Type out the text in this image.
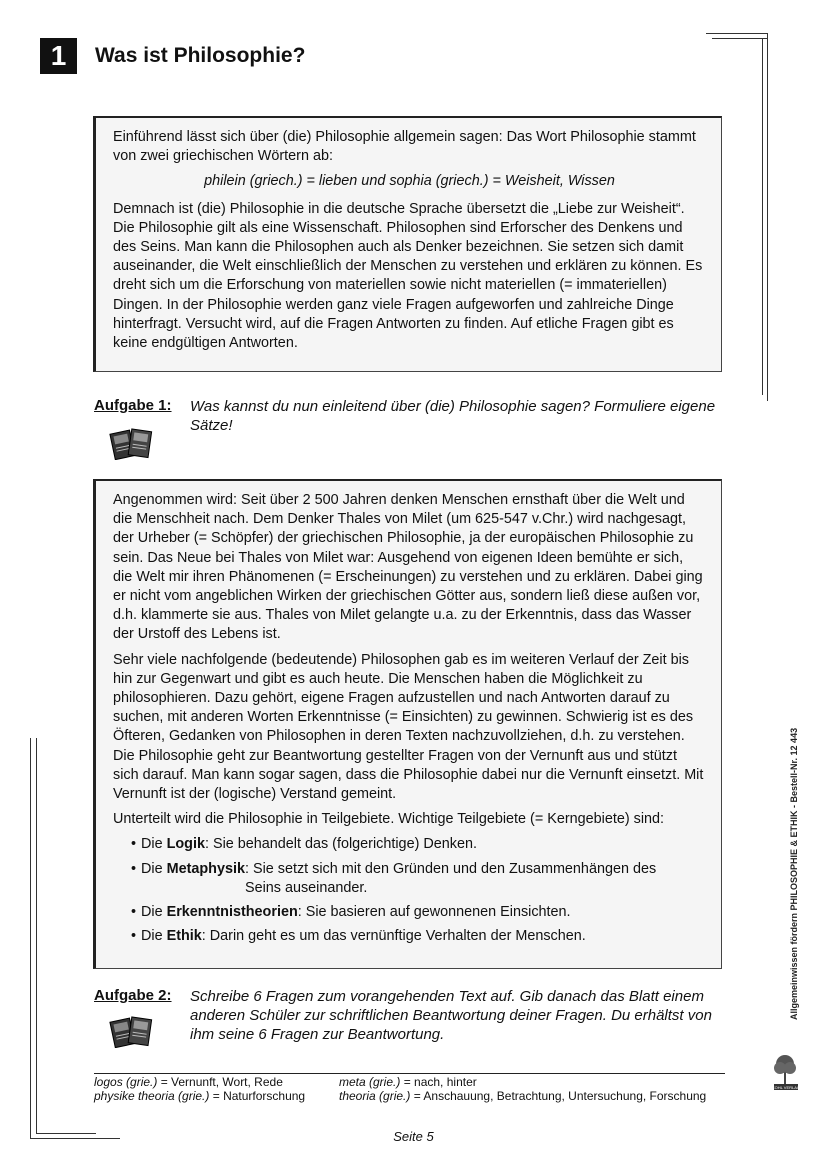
1	Was ist Philosophie?

Einführend lässt sich über (die) Philosophie allgemein sagen: Das Wort Philosophie stammt von zwei griechischen Wörtern ab:

philein (griech.) = lieben und sophia (griech.) = Weisheit, Wissen

Demnach ist (die) Philosophie in die deutsche Sprache übersetzt die „Liebe zur Weisheit“. Die Philosophie gilt als eine Wissenschaft. Philosophen sind Erforscher des Denkens und des Seins. Man kann die Philosophen auch als Denker bezeichnen. Sie setzen sich damit auseinander, die Welt einschließlich der Menschen zu verstehen und erklären zu können. Es dreht sich um die Erforschung von materiellen sowie nicht materiellen (= immateriellen) Dingen. In der Philosophie werden ganz viele Fragen aufgeworfen und zahlreiche Dinge hinterfragt. Versucht wird, auf die Fragen Antworten zu finden. Auf etliche Fragen gibt es keine endgültigen Antworten.

Aufgabe 1: Was kannst du nun einleitend über (die) Philosophie sagen? Formuliere eigene Sätze!

Angenommen wird: Seit über 2 500 Jahren denken Menschen ernsthaft über die Welt und die Menschheit nach. Dem Denker Thales von Milet (um 625-547 v.Chr.) wird nachgesagt, der Urheber (= Schöpfer) der griechischen Philosophie, ja der europäischen Philosophie zu sein. Das Neue bei Thales von Milet war: Ausgehend von eigenen Ideen bemühte er sich, die Welt mir ihren Phänomenen (= Erscheinungen) zu verstehen und zu erklären. Dabei ging er nicht vom angeblichen Wirken der griechischen Götter aus, sondern ließ diese außen vor, d.h. klammerte sie aus. Thales von Milet gelangte u.a. zu der Erkenntnis, dass das Wasser der Urstoff des Lebens ist.

Sehr viele nachfolgende (bedeutende) Philosophen gab es im weiteren Verlauf der Zeit bis hin zur Gegenwart und gibt es auch heute. Die Menschen haben die Möglichkeit zu philosophieren. Dazu gehört, eigene Fragen aufzustellen und nach Antworten darauf zu suchen, mit anderen Worten Erkenntnisse (= Einsichten) zu gewinnen. Schwierig ist es des Öfteren, Gedanken von Philosophen in deren Texten nachzuvollziehen, d.h. zu verstehen. Die Philosophie geht zur Beantwortung gestellter Fragen von der Vernunft aus und stützt sich darauf. Man kann sogar sagen, dass die Philosophie dabei nur die Vernunft einsetzt. Mit Vernunft ist der (logische) Verstand gemeint.

Unterteilt wird die Philosophie in Teilgebiete. Wichtige Teilgebiete (= Kerngebiete) sind:

• Die Logik: Sie behandelt das (folgerichtige) Denken.
• Die Metaphysik : Sie setzt sich mit den Gründen und den Zusammenhängen des Seins auseinander.
• Die Erkenntnistheorien: Sie basieren auf gewonnenen Einsichten.
• Die Ethik: Darin geht es um das vernünftige Verhalten der Menschen.
Aufgabe 2: Schreibe 6 Fragen zum vorangehenden Text auf. Gib danach das Blatt einem anderen Schüler zur schriftlichen Beantwortung deiner Fragen. Du erhältst von ihm seine 6 Fragen zur Beantwortung.
logos (grie.) = Vernunft, Wort, Rede	meta (grie.) = nach, hinter
physike theoria (grie.) = Naturforschung	theoria (grie.) = Anschauung, Betrachtung, Untersuchung, Forschung
Allgemeinwissen fördern PHILOSOPHIE & ETHIK - Bestell-Nr. 12 443
KOHL VERLAG
Seite 5
